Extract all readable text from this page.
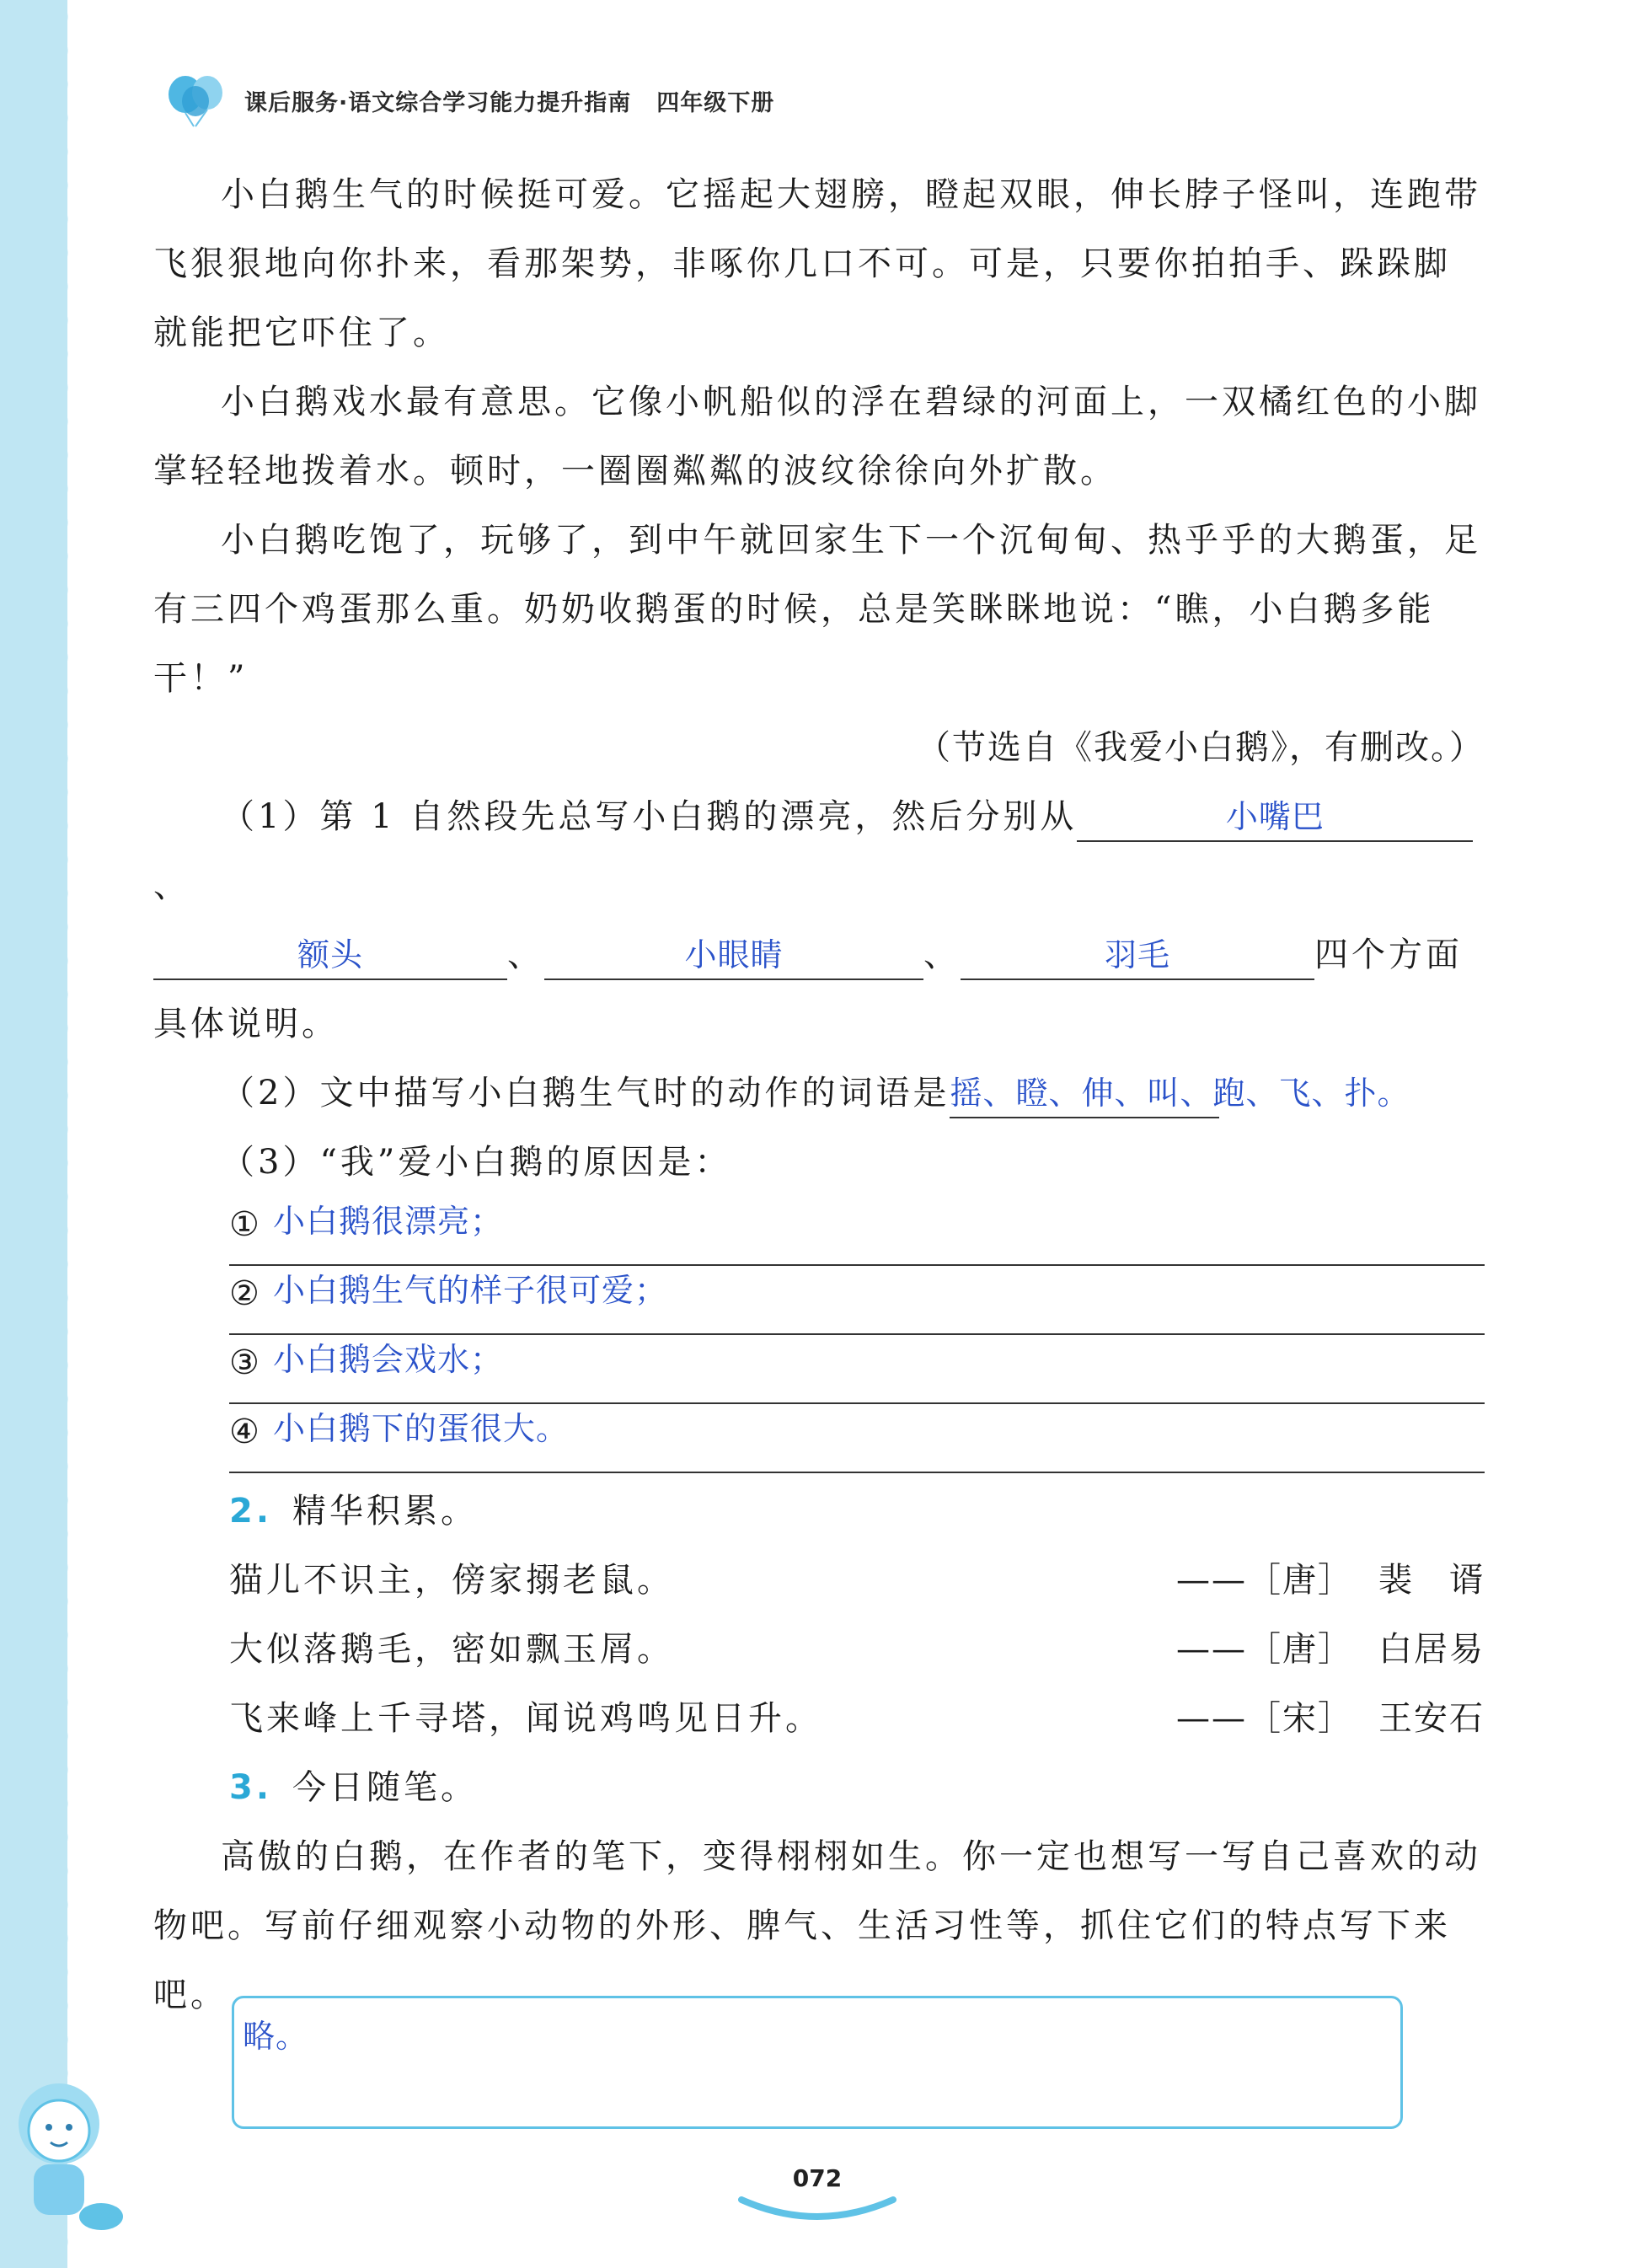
课后服务·语文综合学习能力提升指南 四年级下册

小白鹅生气的时候挺可爱。它摇起大翅膀，瞪起双眼，伸长脖子怪叫，连跑带飞狠狠地向你扑来，看那架势，非啄你几口不可。可是，只要你拍拍手、跺跺脚就能把它吓住了。

小白鹅戏水最有意思。它像小帆船似的浮在碧绿的河面上，一双橘红色的小脚掌轻轻地拨着水。顿时，一圈圈粼粼的波纹徐徐向外扩散。

小白鹅吃饱了，玩够了，到中午就回家生下一个沉甸甸、热乎乎的大鹅蛋，足有三四个鸡蛋那么重。奶奶收鹅蛋的时候，总是笑眯眯地说：“瞧，小白鹅多能干！”

（节选自《我爱小白鹅》，有删改。）

（1）第 1 自然段先总写小白鹅的漂亮，然后分别从	小嘴巴、

额头	、	小眼睛	、	羽毛	四个方面具体说明。

（2）文中描写小白鹅生气时的动作的词语是摇、瞪、伸、叫、跑、飞、扑。

（3）“我”爱小白鹅的原因是：

① 小白鹅很漂亮；
② 小白鹅生气的样子很可爱；
③ 小白鹅会戏水；
④ 小白鹅下的蛋很大。

2. 精华积累。

猫儿不识主，傍家搦老鼠。	——［唐］ 裴　谞

大似落鹅毛，密如飘玉屑。	——［唐］ 白居易

飞来峰上千寻塔，闻说鸡鸣见日升。	——［宋］ 王安石

3. 今日随笔。

高傲的白鹅，在作者的笔下，变得栩栩如生。你一定也想写一写自己喜欢的动物吧。写前仔细观察小动物的外形、脾气、生活习性等，抓住它们的特点写下来吧。

略。
072
